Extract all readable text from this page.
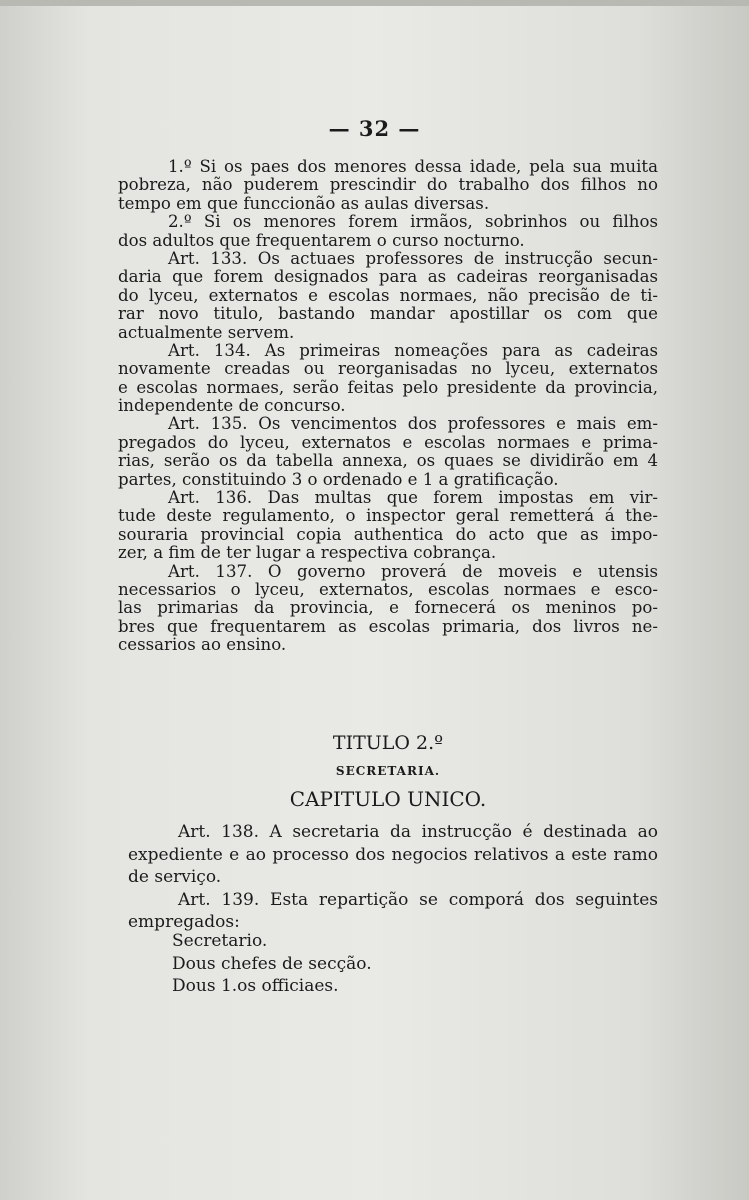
— 32 —
1.º Si os paes dos menores dessa idade, pela sua muita
pobreza, não puderem prescindir do trabalho dos filhos no
tempo em que funccionão as aulas diversas.
2.º Si os menores forem irmãos, sobrinhos ou filhos
dos adultos que frequentarem o curso nocturno.
Art. 133. Os actuaes professores de instrucção secun-
daria que forem designados para as cadeiras reorganisadas
do lyceu, externatos e escolas normaes, não precisão de ti-
rar novo titulo, bastando mandar apostillar os com que
actualmente servem.
Art. 134. As primeiras nomeações para as cadeiras
novamente creadas ou reorganisadas no lyceu, externatos
e escolas normaes, serão feitas pelo presidente da provincia,
independente de concurso.
Art. 135. Os vencimentos dos professores e mais em-
pregados do lyceu, externatos e escolas normaes e prima-
rias, serão os da tabella annexa, os quaes se dividirão em 4
partes, constituindo 3 o ordenado e 1 a gratificação.
Art. 136. Das multas que forem impostas em vir-
tude deste regulamento, o inspector geral remetterá á the-
souraria provincial copia authentica do acto que as impo-
zer, a fim de ter lugar a respectiva cobrança.
Art. 137. O governo proverá de moveis e utensis
necessarios o lyceu, externatos, escolas normaes e esco-
las primarias da provincia, e fornecerá os meninos po-
bres que frequentarem as escolas primaria, dos livros ne-
cessarios ao ensino.
TITULO 2.º
SECRETARIA.
CAPITULO UNICO.
Art. 138. A secretaria da instrucção é destinada ao
expediente e ao processo dos negocios relativos a este ramo
de serviço.
Art. 139. Esta repartição se comporá dos seguintes
empregados:
Secretario.
Dous chefes de secção.
Dous 1.os officiaes.
